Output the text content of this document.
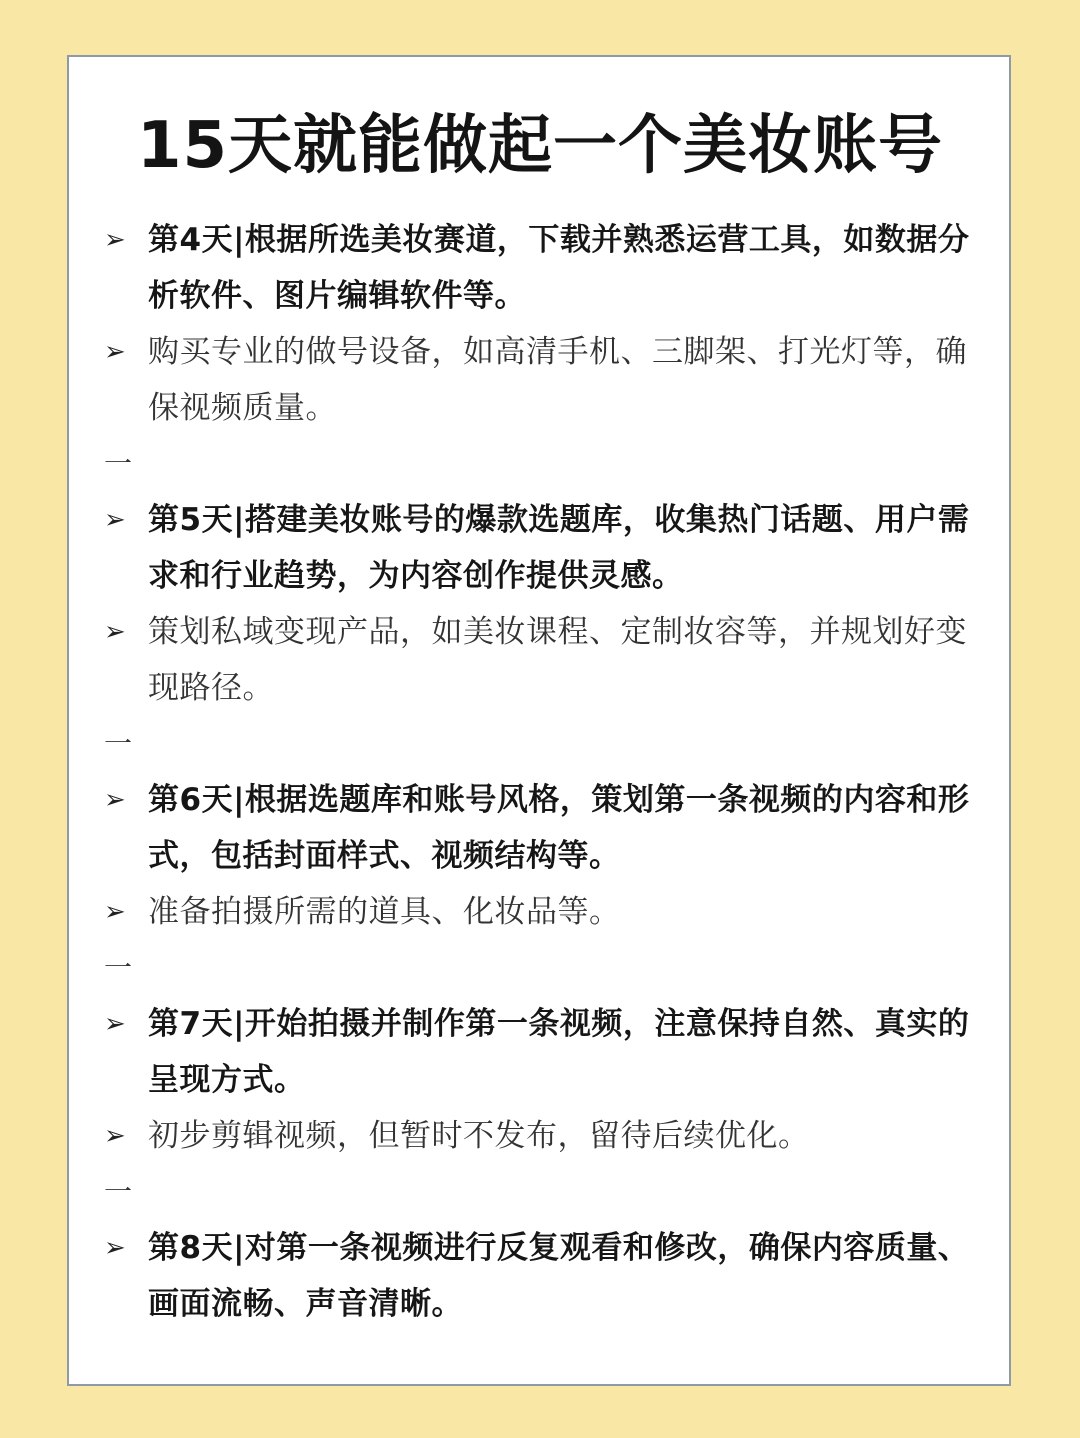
15天就能做起一个美妆账号
➢ 第4天|根据所选美妆赛道，下载并熟悉运营工具，如数据分析软件、图片编辑软件等。
➢ 购买专业的做号设备，如高清手机、三脚架、打光灯等，确保视频质量。
一
➢ 第5天|搭建美妆账号的爆款选题库，收集热门话题、用户需求和行业趋势，为内容创作提供灵感。
➢ 策划私域变现产品，如美妆课程、定制妆容等，并规划好变现路径。
一
➢ 第6天|根据选题库和账号风格，策划第一条视频的内容和形式，包括封面样式、视频结构等。
➢ 准备拍摄所需的道具、化妆品等。
一
➢ 第7天|开始拍摄并制作第一条视频，注意保持自然、真实的呈现方式。
➢ 初步剪辑视频，但暂时不发布，留待后续优化。
一
➢ 第8天|对第一条视频进行反复观看和修改，确保内容质量、画面流畅、声音清晰。
